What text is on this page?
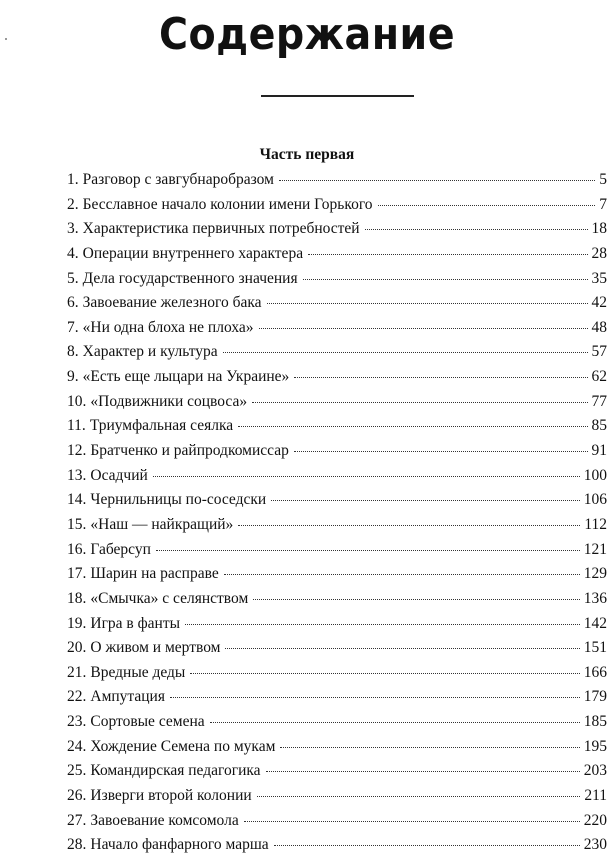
Содержание
Часть первая
1. Разговор с завгубнаробразом	5
2. Бесславное начало колонии имени Горького	7
3. Характеристика первичных потребностей	18
4. Операции внутреннего характера	28
5. Дела государственного значения	35
6. Завоевание железного бака	42
7. «Ни одна блоха не плоха»	48
8. Характер и культура	57
9. «Есть еще лыцари на Украине»	62
10. «Подвижники соцвоса»	77
11. Триумфальная сеялка	85
12. Братченко и райпродкомиссар	91
13. Осадчий	100
14. Чернильницы по-соседски	106
15. «Наш — найкращий»	112
16. Габерсуп	121
17. Шарин на расправе	129
18. «Смычка» с селянством	136
19. Игра в фанты	142
20. О живом и мертвом	151
21. Вредные деды	166
22. Ампутация	179
23. Сортовые семена	185
24. Хождение Семена по мукам	195
25. Командирская педагогика	203
26. Изверги второй колонии	211
27. Завоевание комсомола	220
28. Начало фанфарного марша	230
